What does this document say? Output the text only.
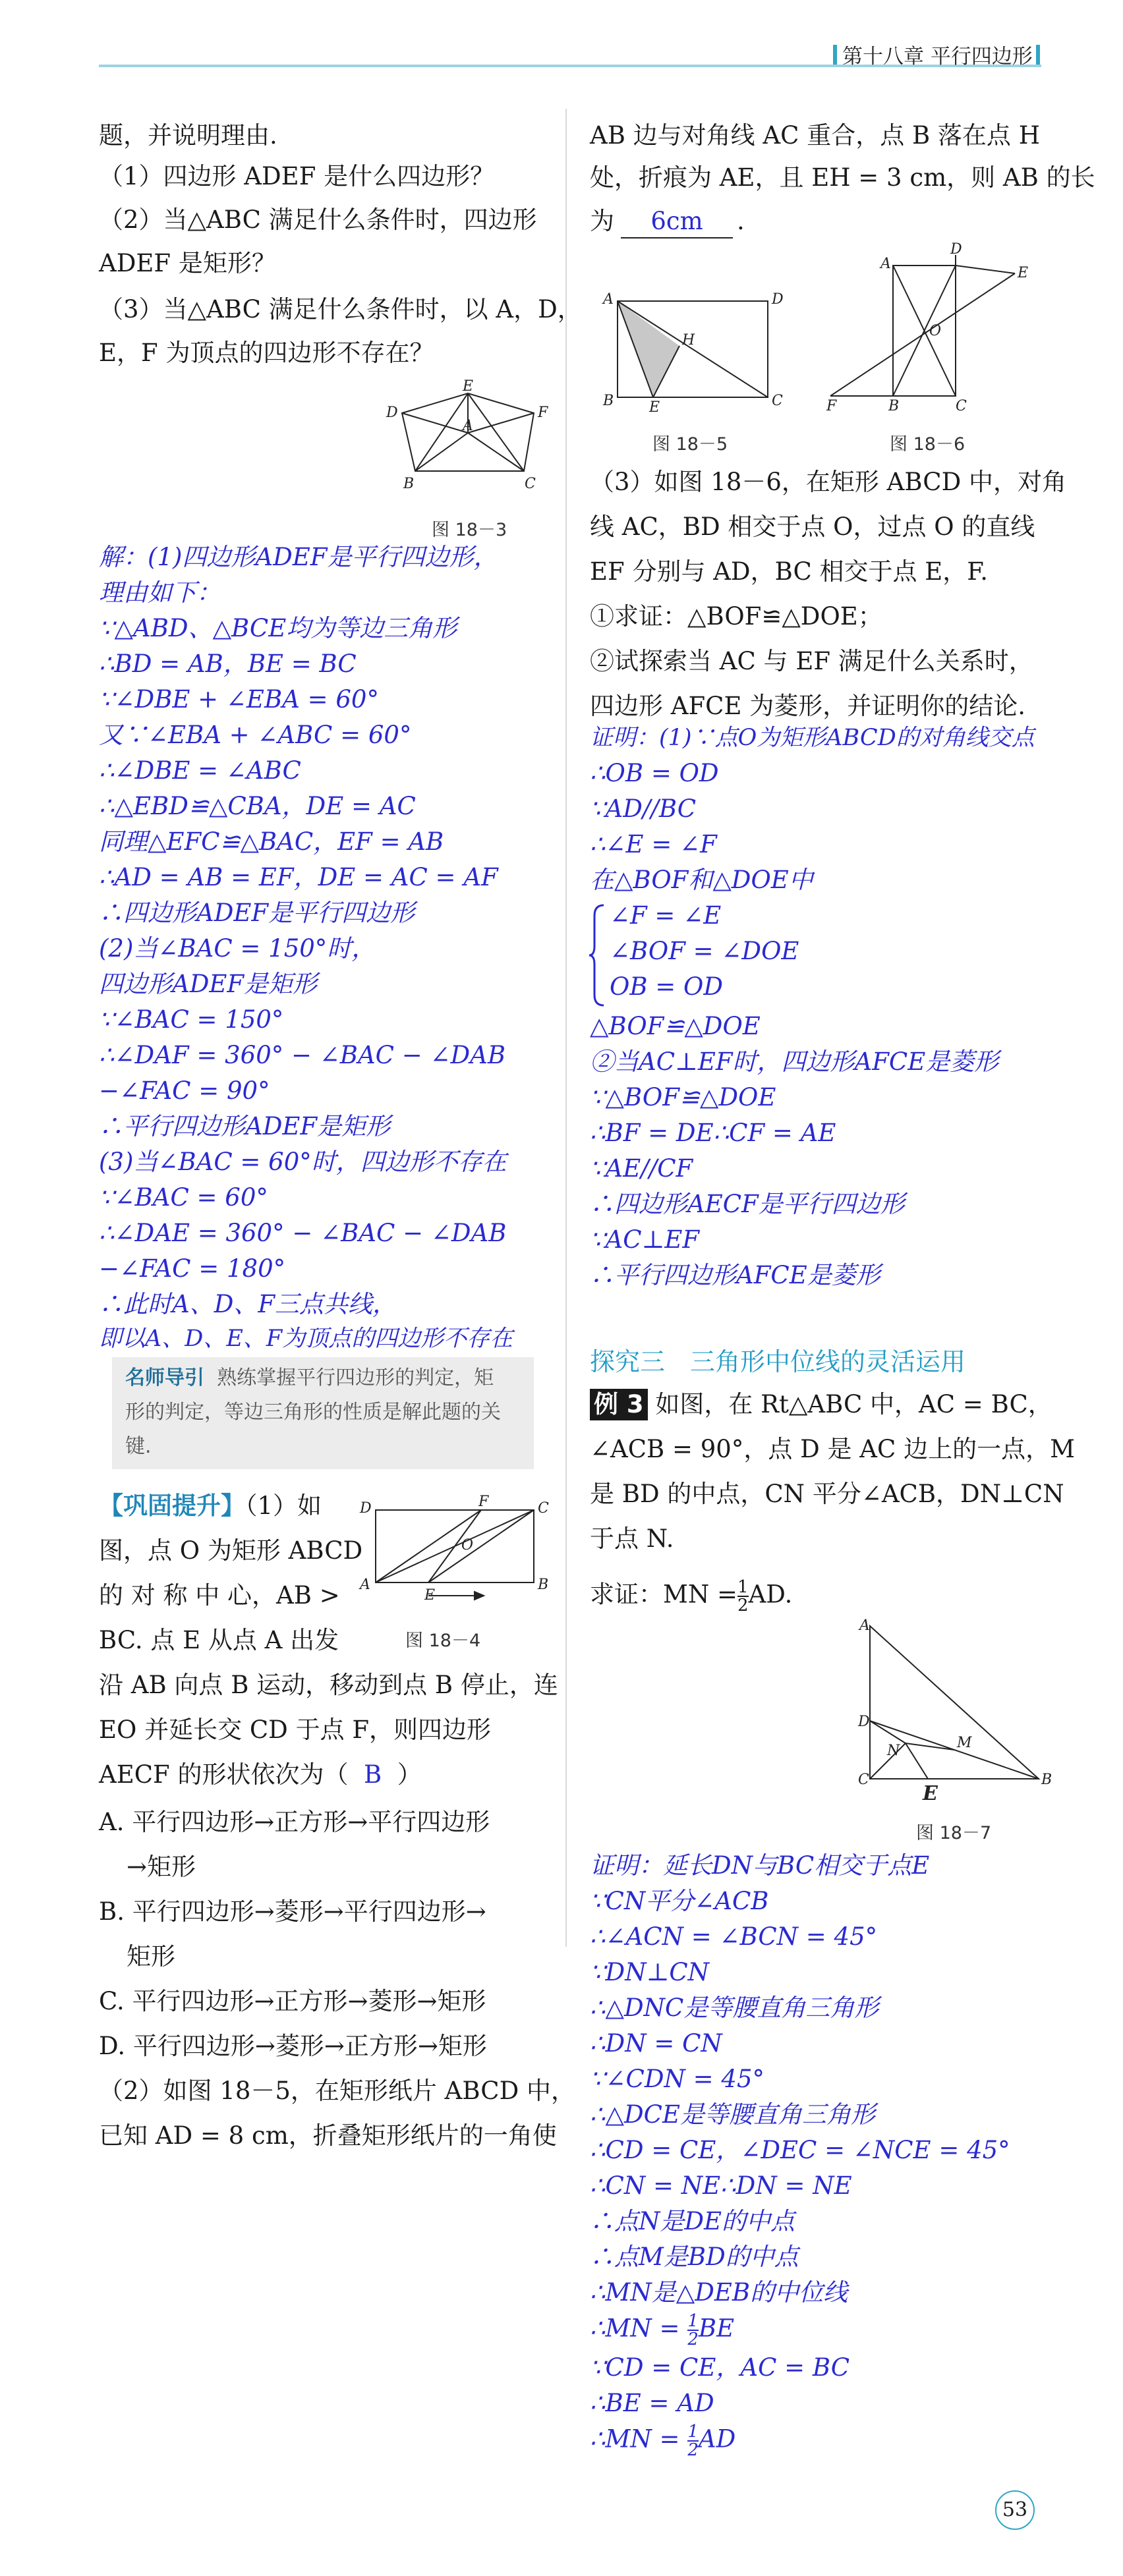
第十八章 平行四边形
题，并说明理由.
（1）四边形 ADEF 是什么四边形？
（2）当△ABC 满足什么条件时，四边形
ADEF 是矩形？
（3）当△ABC 满足什么条件时，以 A，D，
E，F 为顶点的四边形不存在？
E
D
A
F
B	C
图 18－3
解：(1)四边形ADEF是平行四边形，
理由如下：
∵△ABD、△BCE均为等边三角形
∴BD = AB，BE = BC
∵∠DBE + ∠EBA = 60°
又∵∠EBA + ∠ABC = 60°
∴∠DBE = ∠ABC
∴△EBD≌△CBA，DE = AC
同理△EFC≌△BAC，EF = AB
∴AD = AB = EF，DE = AC = AF
∴四边形ADEF是平行四边形
(2)当∠BAC = 150°时，
四边形ADEF是矩形
∵∠BAC = 150°
∴∠DAF = 360° − ∠BAC − ∠DAB
−∠FAC = 90°
∴平行四边形ADEF是矩形
(3)当∠BAC = 60°时，四边形不存在
∵∠BAC = 60°
∴∠DAE = 360° − ∠BAC − ∠DAB
−∠FAC = 180°
∴此时A、D、F三点共线，
即以A、D、E、F为顶点的四边形不存在
名师导引 熟练掌握平行四边形的判定，矩
形的判定，等边三角形的性质是解此题的关
键.
【巩固提升】（1）如
图，点 O 为矩形 ABCD
的 对 称 中 心，AB >
BC. 点 E 从点 A 出发
D	F	C
O
A
E
B
图 18－4
沿 AB 向点 B 运动，移动到点 B 停止，连
EO 并延长交 CD 于点 F，则四边形
AECF 的形状依次为（ B ）
A. 平行四边形→正方形→平行四边形
→矩形
B. 平行四边形→菱形→平行四边形→
矩形
C. 平行四边形→正方形→菱形→矩形
D. 平行四边形→菱形→正方形→矩形
（2）如图 18－5，在矩形纸片 ABCD 中，
已知 AD = 8 cm，折叠矩形纸片的一角使
AB 边与对角线 AC 重合，点 B 落在点 H
处，折痕为 AE，且 EH = 3 cm，则 AB 的长
为 6cm .
A	D
H
B E	C
图 18－5
A
D
E
O
F	B	C
图 18－6
（3）如图 18－6，在矩形 ABCD 中，对角
线 AC，BD 相交于点 O，过点 O 的直线
EF 分别与 AD，BC 相交于点 E，F.
①求证：△BOF≌△DOE；
②试探索当 AC 与 EF 满足什么关系时，
四边形 AFCE 为菱形，并证明你的结论.
证明：(1)∵点O为矩形ABCD的对角线交点
∴OB = OD
∵AD//BC
∴∠E = ∠F
在△BOF和△DOE中
∠F = ∠E
∠BOF = ∠DOE
OB = OD
△BOF≌△DOE
②当AC⊥EF时，四边形AFCE是菱形
∵△BOF≌△DOE
∴BF = DE∴CF = AE
∵AE//CF
∴四边形AECF是平行四边形
∵AC⊥EF
∴平行四边形AFCE是菱形
探究三　三角形中位线的灵活运用
例 3 如图，在 Rt△ABC 中，AC = BC，
∠ACB = 90°，点 D 是 AC 边上的一点，M
是 BD 的中点，CN 平分∠ACB，DN⊥CN
于点 N.
求证：MN = $\frac{1}{2}$ AD.
A
D
M
N
C
E
B
图 18－7
证明：延长DN与BC相交于点E
∵CN平分∠ACB
∴∠ACN = ∠BCN = 45°
∵DN⊥CN
∴△DNC是等腰直角三角形
∴DN = CN
∵∠CDN = 45°
∴△DCE是等腰直角三角形
∴CD = CE，∠DEC = ∠NCE = 45°
∴CN = NE∴DN = NE
∴点N是DE的中点
∴点M是BD的中点
∴MN是△DEB的中位线
∴MN = $\frac{1}{2}$ BE
∵CD = CE，AC = BC
∴BE = AD
∴MN = $\frac{1}{2}$ AD
53
